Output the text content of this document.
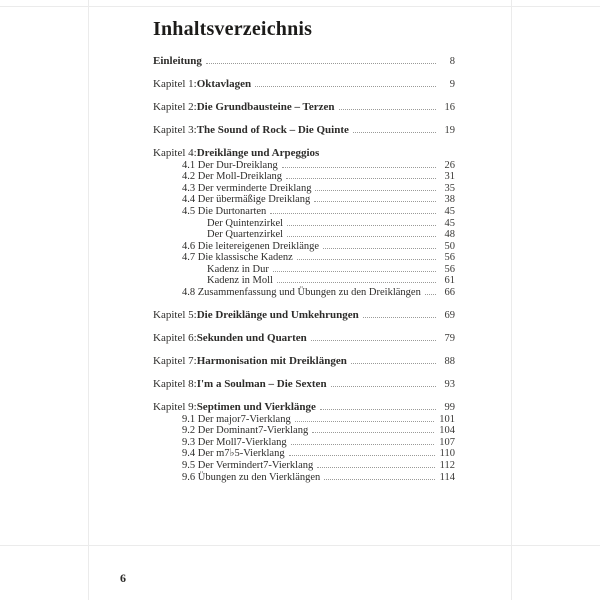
Inhaltsverzeichnis
Einleitung	8
Kapitel 1: Oktavlagen	9
Kapitel 2: Die Grundbausteine – Terzen	16
Kapitel 3: The Sound of Rock – Die Quinte	19
Kapitel 4: Dreiklänge und Arpeggios
4.1 Der Dur-Dreiklang	26
4.2 Der Moll-Dreiklang	31
4.3 Der verminderte Dreiklang	35
4.4 Der übermäßige Dreiklang	38
4.5 Die Durtonarten	45
Der Quintenzirkel	45
Der Quartenzirkel	48
4.6 Die leitereigenen Dreiklänge	50
4.7 Die klassische Kadenz	56
Kadenz in Dur	56
Kadenz in Moll	61
4.8 Zusammenfassung und Übungen zu den Dreiklängen	66
Kapitel 5: Die Dreiklänge und Umkehrungen	69
Kapitel 6: Sekunden und Quarten	79
Kapitel 7: Harmonisation mit Dreiklängen	88
Kapitel 8: I'm a Soulman – Die Sexten	93
Kapitel 9: Septimen und Vierklänge	99
9.1 Der major7-Vierklang	101
9.2 Der Dominant7-Vierklang	104
9.3 Der Moll7-Vierklang	107
9.4 Der m7♭5-Vierklang	110
9.5 Der Vermindert7-Vierklang	112
9.6 Übungen zu den Vierklängen	114
6
